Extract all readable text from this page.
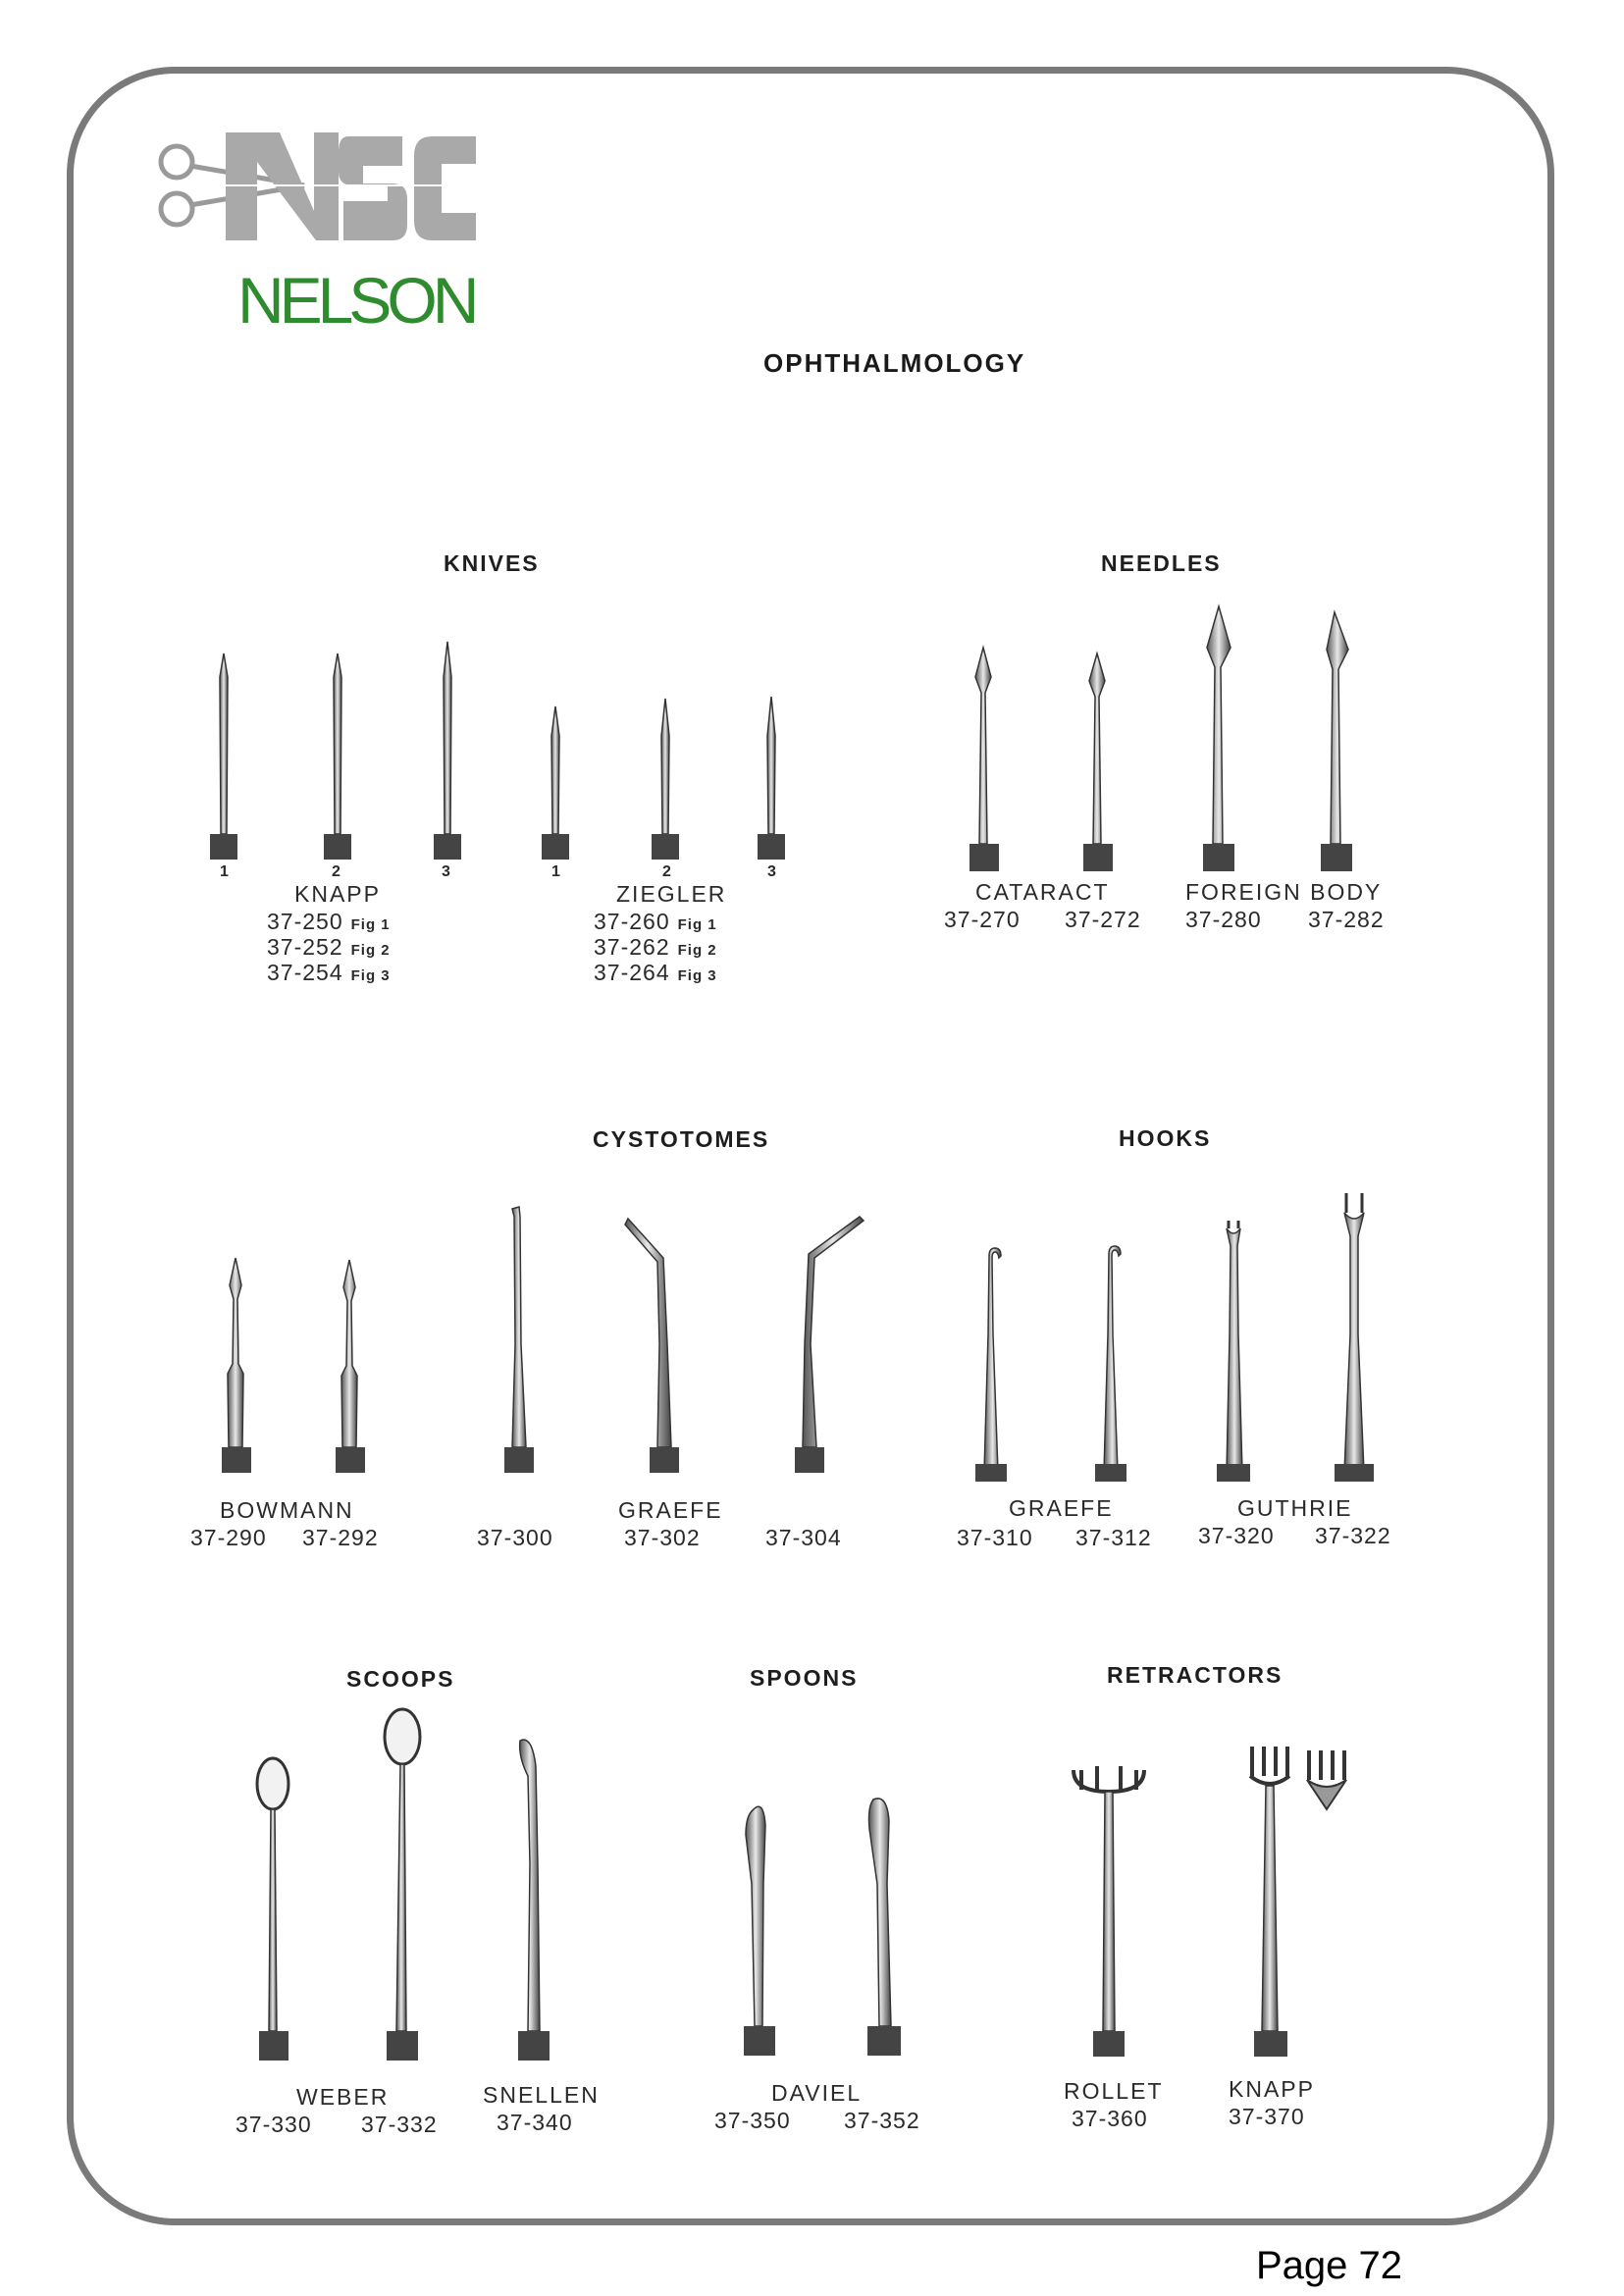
NELSON
OPHTHALMOLOGY
KNIVES
1	2	3	1	2	3
KNAPP
37-250 Fig 1
37-252 Fig 2
37-254 Fig 3
ZIEGLER
37-260 Fig 1
37-262 Fig 2
37-264 Fig 3
NEEDLES
CATARACT
37-270 37-272
FOREIGN BODY
37-280 37-282
CYSTOTOMES
BOWMANN
37-290 37-292	37-300
GRAEFE
37-302	37-304
HOOKS
GRAEFE
37-310 37-312
GUTHRIE
37-320 37-322
SCOOPS
WEBER
37-330 37-332
SNELLEN
37-340
SPOONS
DAVIEL
37-350 37-352
RETRACTORS
ROLLET
37-360
KNAPP
37-370
Page 72
